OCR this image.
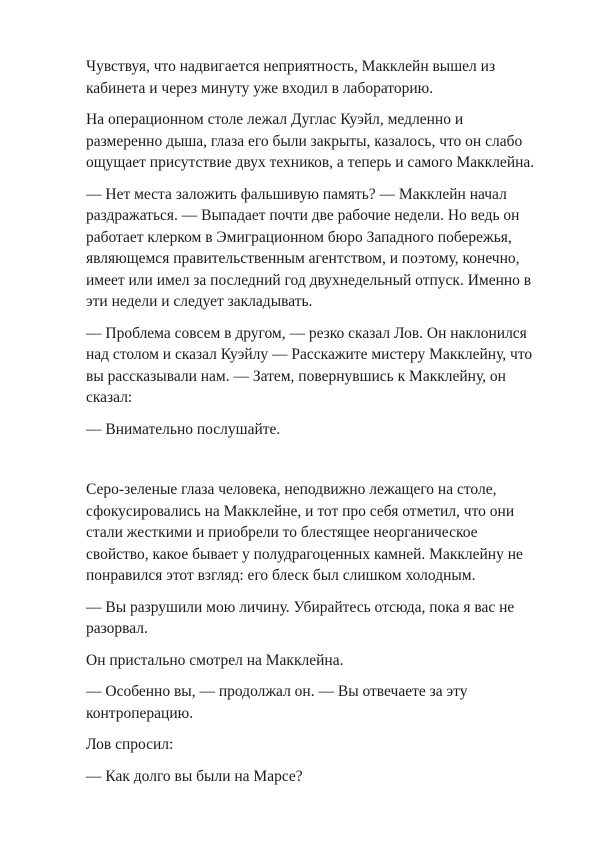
Чувствуя, что надвигается неприятность, Макклейн вышел из
кабинета и через минуту уже входил в лабораторию.

На операционном столе лежал Дуглас Куэйл, медленно и
размеренно дыша, глаза его были закрыты, казалось, что он слабо
ощущает присутствие двух техников, а теперь и самого Макклейна.

— Нет места заложить фальшивую память? — Макклейн начал
раздражаться. — Выпадает почти две рабочие недели. Но ведь он
работает клерком в Эмиграционном бюро Западного побережья,
являющемся правительственным агентством, и поэтому, конечно,
имеет или имел за последний год двухнедельный отпуск. Именно в
эти недели и следует закладывать.

— Проблема совсем в другом, — резко сказал Лов. Он наклонился
над столом и сказал Куэйлу — Расскажите мистеру Макклейну, что
вы рассказывали нам. — Затем, повернувшись к Макклейну, он
сказал:

— Внимательно послушайте.

Серо-зеленые глаза человека, неподвижно лежащего на столе,
сфокусировались на Макклейне, и тот про себя отметил, что они
стали жесткими и приобрели то блестящее неорганическое
свойство, какое бывает у полудрагоценных камней. Макклейну не
понравился этот взгляд: его блеск был слишком холодным.

— Вы разрушили мою личину. Убирайтесь отсюда, пока я вас не
разорвал.

Он пристально смотрел на Макклейна.

— Особенно вы, — продолжал он. — Вы отвечаете за эту
контроперацию.

Лов спросил:

— Как долго вы были на Марсе?
